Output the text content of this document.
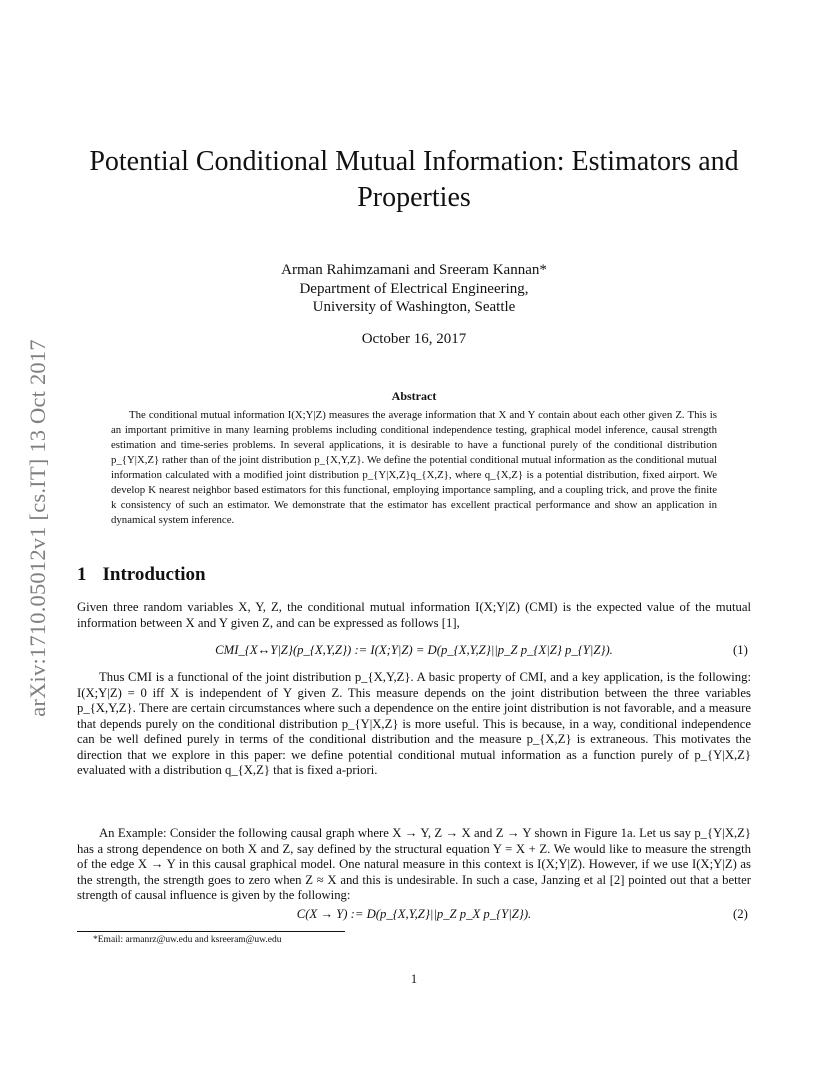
arXiv:1710.05012v1 [cs.IT] 13 Oct 2017
Potential Conditional Mutual Information: Estimators and
Properties
Arman Rahimzamani and Sreeram Kannan*
Department of Electrical Engineering,
University of Washington, Seattle
October 16, 2017
Abstract
The conditional mutual information I(X;Y|Z) measures the average information that X and Y contain about each other given Z. This is an important primitive in many learning problems including conditional independence testing, graphical model inference, causal strength estimation and time-series problems. In several applications, it is desirable to have a functional purely of the conditional distribution p_{Y|X,Z} rather than of the joint distribution p_{X,Y,Z}. We define the potential conditional mutual information as the conditional mutual information calculated with a modified joint distribution p_{Y|X,Z}q_{X,Z}, where q_{X,Z} is a potential distribution, fixed airport. We develop K nearest neighbor based estimators for this functional, employing importance sampling, and a coupling trick, and prove the finite k consistency of such an estimator. We demonstrate that the estimator has excellent practical performance and show an application in dynamical system inference.
1 Introduction
Given three random variables X, Y, Z, the conditional mutual information I(X;Y|Z) (CMI) is the expected value of the mutual information between X and Y given Z, and can be expressed as follows [1],
CMI_{X↔Y|Z}(p_{X,Y,Z}) := I(X;Y|Z) = D(p_{X,Y,Z}||p_Z p_{X|Z} p_{Y|Z}).	(1)
Thus CMI is a functional of the joint distribution p_{X,Y,Z}. A basic property of CMI, and a key application, is the following: I(X;Y|Z) = 0 iff X is independent of Y given Z. This measure depends on the joint distribution between the three variables p_{X,Y,Z}. There are certain circumstances where such a dependence on the entire joint distribution is not favorable, and a measure that depends purely on the conditional distribution p_{Y|X,Z} is more useful. This is because, in a way, conditional independence can be well defined purely in terms of the conditional distribution and the measure p_{X,Z} is extraneous. This motivates the direction that we explore in this paper: we define potential conditional mutual information as a function purely of p_{Y|X,Z} evaluated with a distribution q_{X,Z} that is fixed a-priori.
An Example: Consider the following causal graph where X → Y, Z → X and Z → Y shown in Figure 1a. Let us say p_{Y|X,Z} has a strong dependence on both X and Z, say defined by the structural equation Y = X + Z. We would like to measure the strength of the edge X → Y in this causal graphical model. One natural measure in this context is I(X;Y|Z). However, if we use I(X;Y|Z) as the strength, the strength goes to zero when Z ≈ X and this is undesirable. In such a case, Janzing et al [2] pointed out that a better strength of causal influence is given by the following:
C(X → Y) := D(p_{X,Y,Z}||p_Z p_X p_{Y|Z}).	(2)
*Email: armanrz@uw.edu and ksreeram@uw.edu
1
